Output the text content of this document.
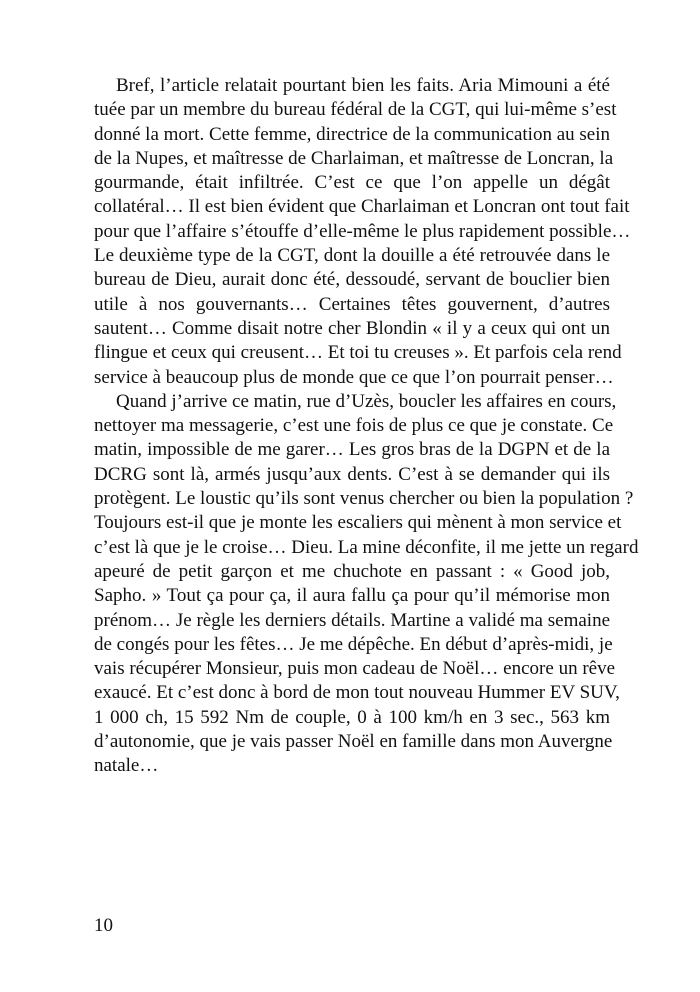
Bref, l’article relatait pourtant bien les faits. Aria Mimouni a été
tuée par un membre du bureau fédéral de la CGT, qui lui-même s’est
donné la mort. Cette femme, directrice de la communication au sein
de la Nupes, et maîtresse de Charlaiman, et maîtresse de Loncran, la
gourmande, était infiltrée. C’est ce que l’on appelle un dégât
collatéral… Il est bien évident que Charlaiman et Loncran ont tout fait
pour que l’affaire s’étouffe d’elle-même le plus rapidement possible…
Le deuxième type de la CGT, dont la douille a été retrouvée dans le
bureau de Dieu, aurait donc été, dessoudé, servant de bouclier bien
utile à nos gouvernants… Certaines têtes gouvernent, d’autres
sautent… Comme disait notre cher Blondin « il y a ceux qui ont un
flingue et ceux qui creusent… Et toi tu creuses ». Et parfois cela rend
service à beaucoup plus de monde que ce que l’on pourrait penser…
Quand j’arrive ce matin, rue d’Uzès, boucler les affaires en cours,
nettoyer ma messagerie, c’est une fois de plus ce que je constate. Ce
matin, impossible de me garer… Les gros bras de la DGPN et de la
DCRG sont là, armés jusqu’aux dents. C’est à se demander qui ils
protègent. Le loustic qu’ils sont venus chercher ou bien la population ?
Toujours est-il que je monte les escaliers qui mènent à mon service et
c’est là que je le croise… Dieu. La mine déconfite, il me jette un regard
apeuré de petit garçon et me chuchote en passant : « Good job,
Sapho. » Tout ça pour ça, il aura fallu ça pour qu’il mémorise mon
prénom… Je règle les derniers détails. Martine a validé ma semaine
de congés pour les fêtes… Je me dépêche. En début d’après-midi, je
vais récupérer Monsieur, puis mon cadeau de Noël… encore un rêve
exaucé. Et c’est donc à bord de mon tout nouveau Hummer EV SUV,
1 000 ch, 15 592 Nm de couple, 0 à 100 km/h en 3 sec., 563 km
d’autonomie, que je vais passer Noël en famille dans mon Auvergne
natale…
10
